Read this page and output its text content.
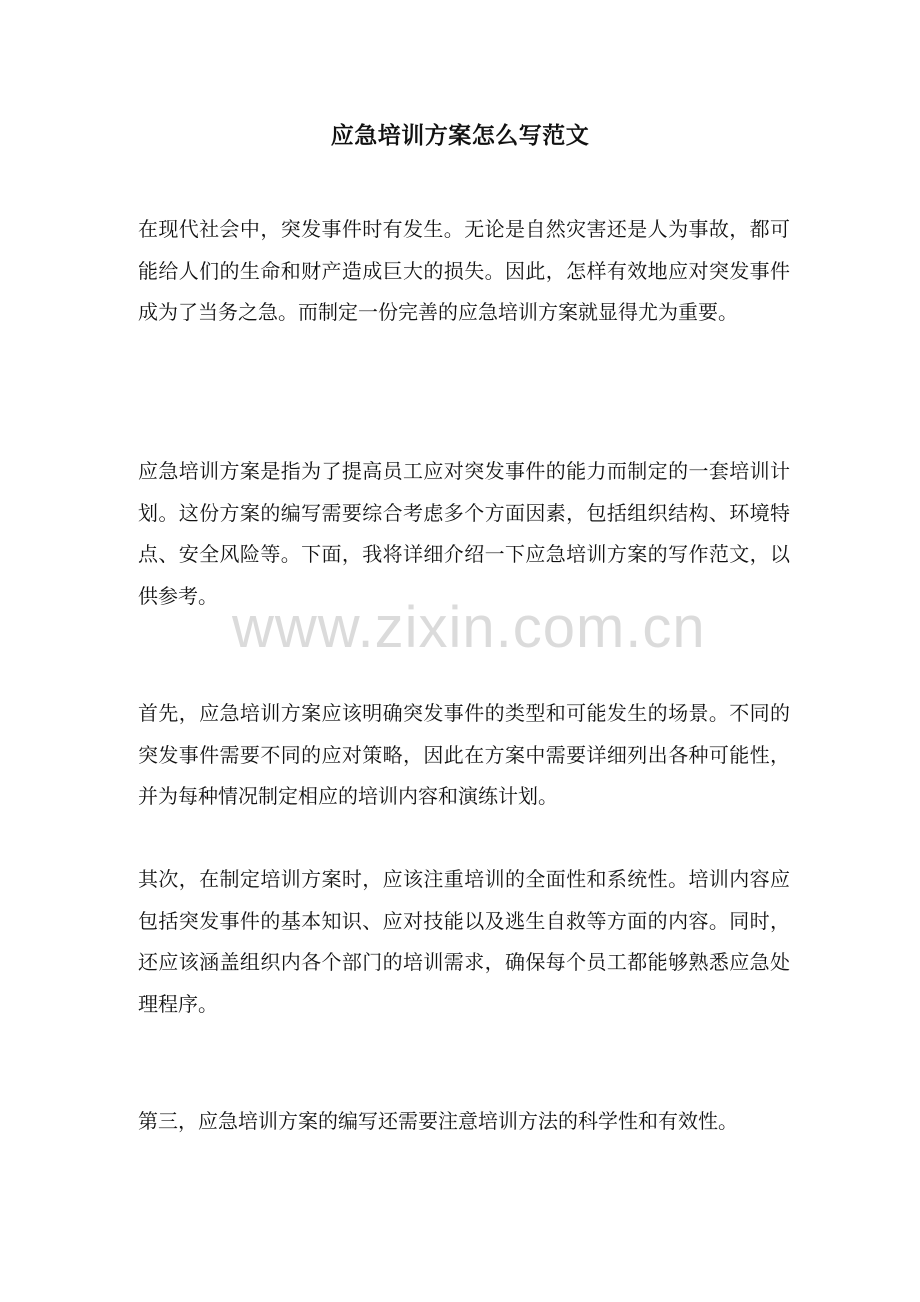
应急培训方案怎么写范文
在现代社会中，突发事件时有发生。无论是自然灾害还是人为事故，都可能给人们的生命和财产造成巨大的损失。因此，怎样有效地应对突发事件成为了当务之急。而制定一份完善的应急培训方案就显得尤为重要。
应急培训方案是指为了提高员工应对突发事件的能力而制定的一套培训计划。这份方案的编写需要综合考虑多个方面因素，包括组织结构、环境特点、安全风险等。下面，我将详细介绍一下应急培训方案的写作范文，以供参考。
首先，应急培训方案应该明确突发事件的类型和可能发生的场景。不同的突发事件需要不同的应对策略，因此在方案中需要详细列出各种可能性，并为每种情况制定相应的培训内容和演练计划。
其次，在制定培训方案时，应该注重培训的全面性和系统性。培训内容应包括突发事件的基本知识、应对技能以及逃生自救等方面的内容。同时，还应该涵盖组织内各个部门的培训需求，确保每个员工都能够熟悉应急处理程序。
第三，应急培训方案的编写还需要注意培训方法的科学性和有效性。
www.zixin.com.cn
